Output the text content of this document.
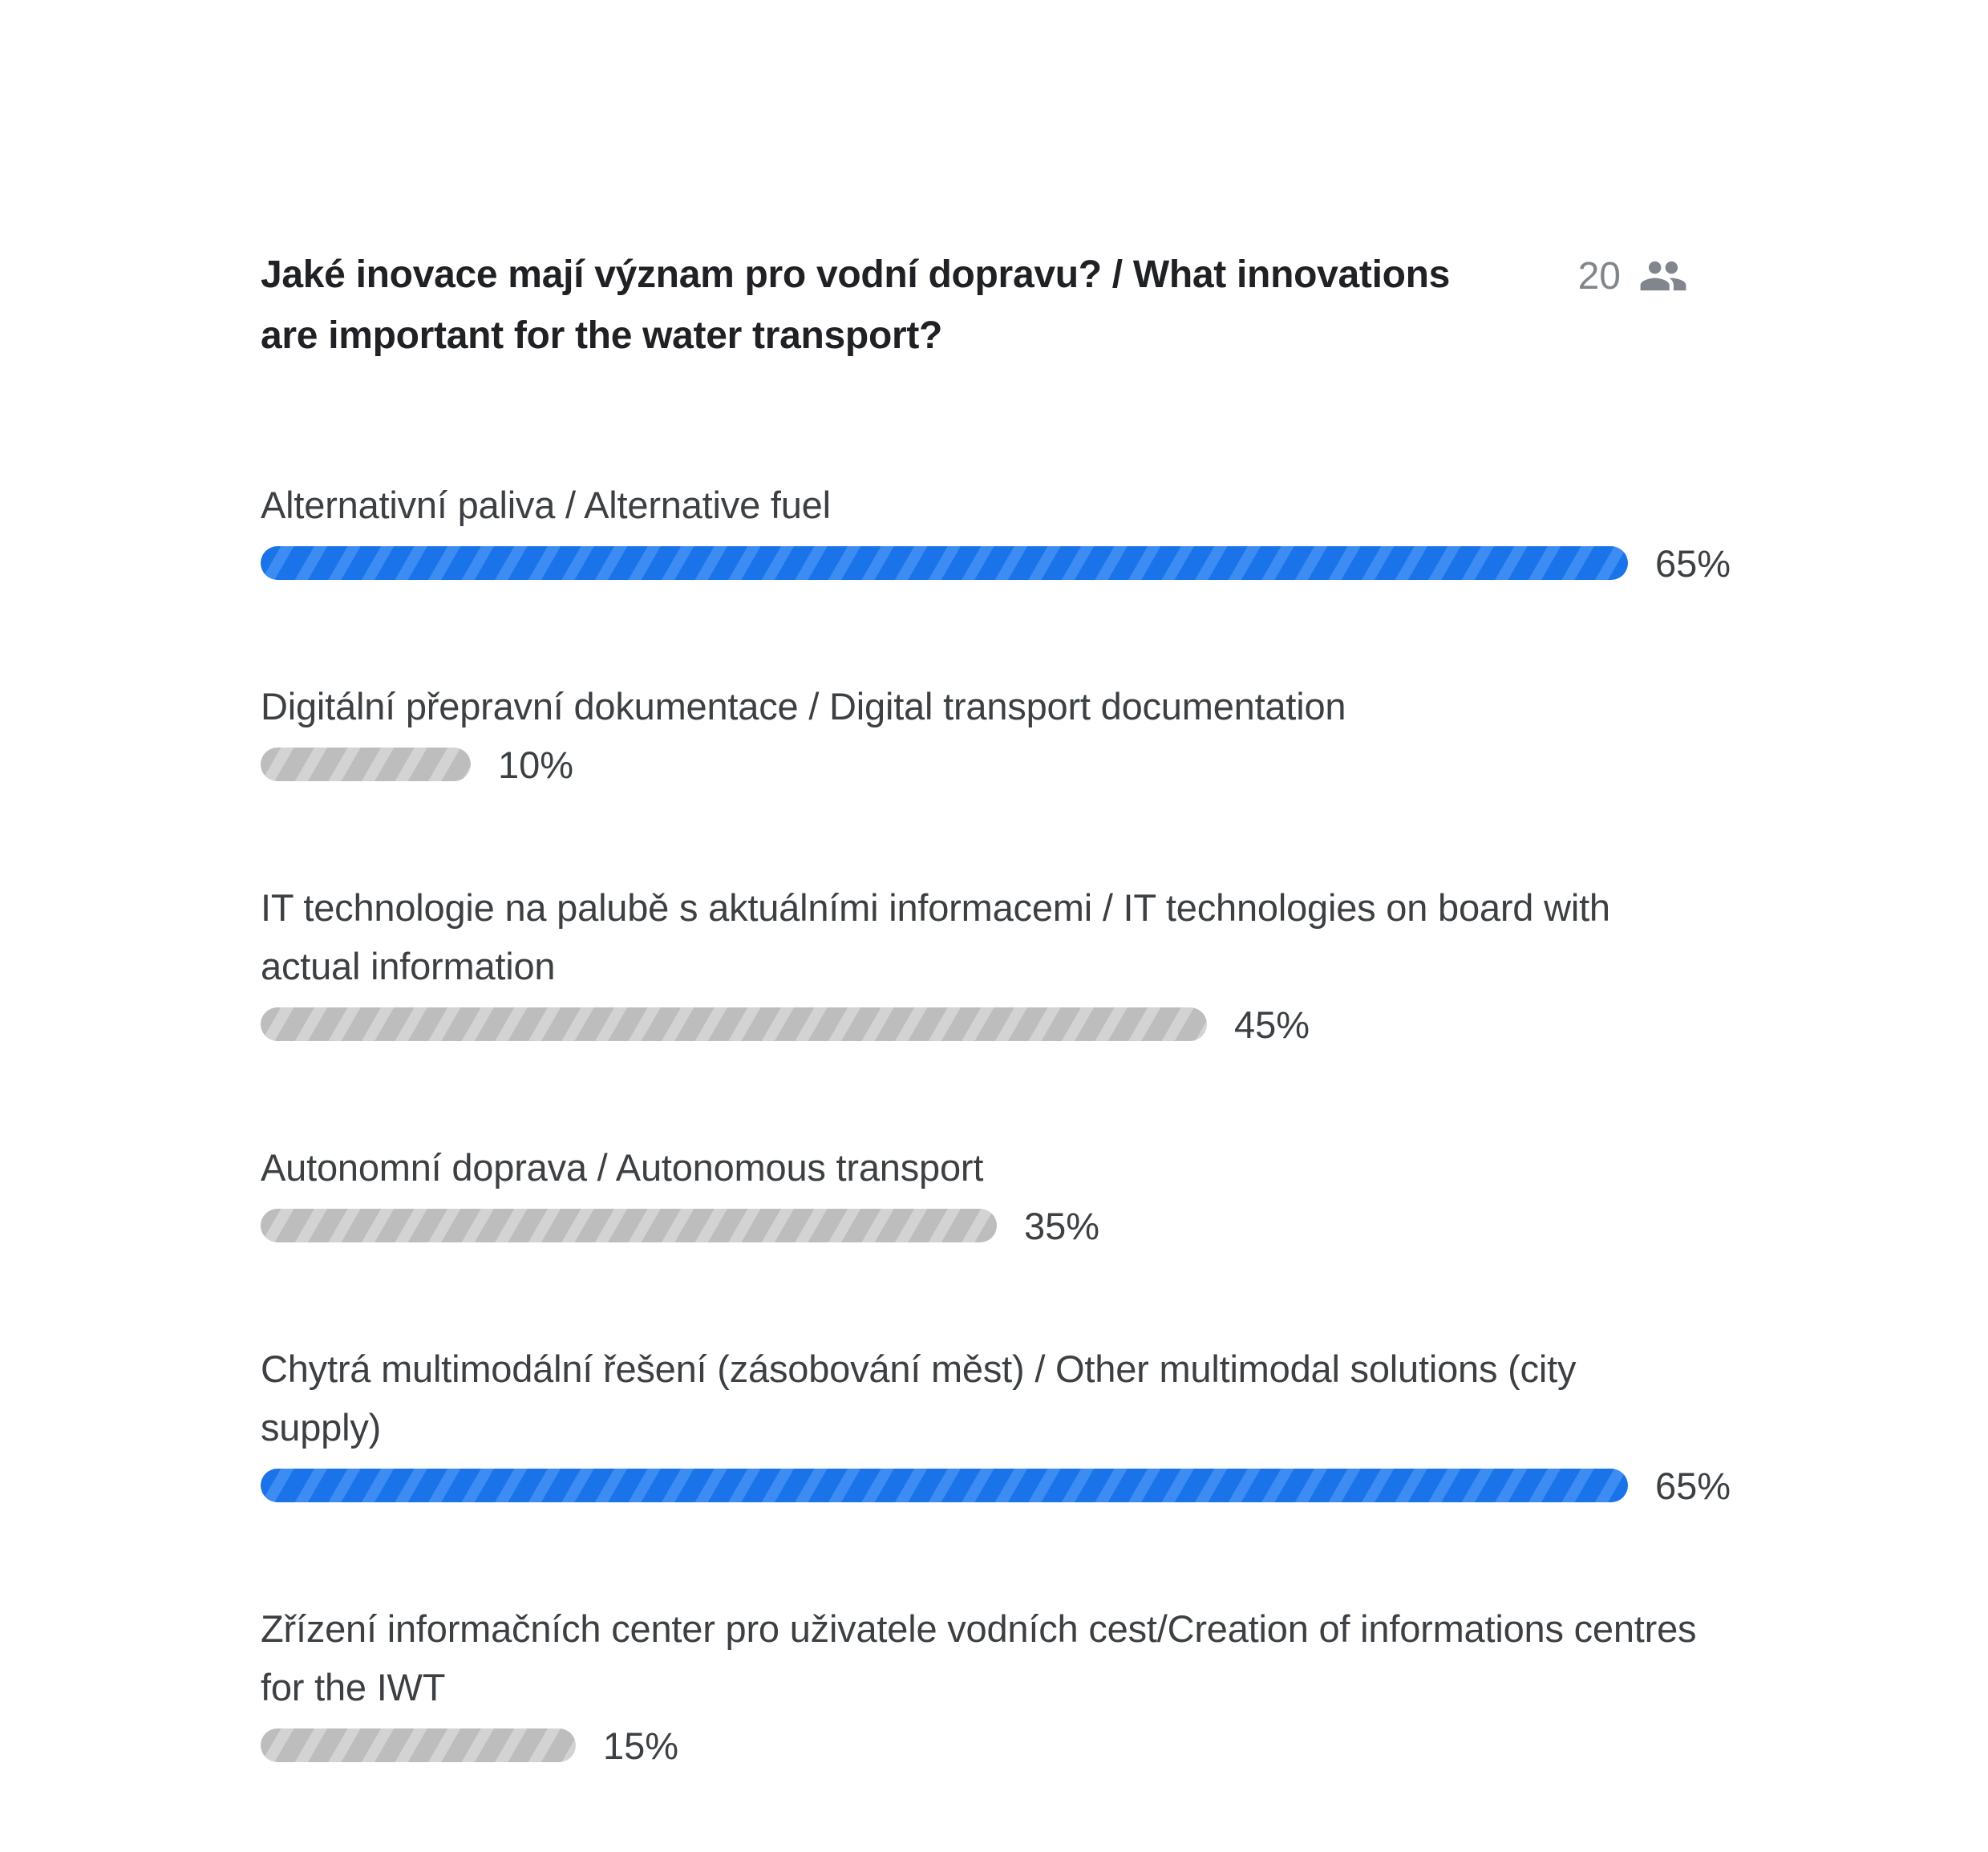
Jaké inovace mají význam pro vodní dopravu? / What innovations are important for the water transport?

20
Alternativní paliva / Alternative fuel
65%
Digitální přepravní dokumentace / Digital transport documentation
10%
IT technologie na palubě s aktuálními informacemi / IT technologies on board with actual information
45%
Autonomní doprava / Autonomous transport
35%
Chytrá multimodální řešení (zásobování měst) / Other multimodal solutions (city supply)
65%
Zřízení informačních center pro uživatele vodních cest/Creation of informations centres for the IWT
15%
